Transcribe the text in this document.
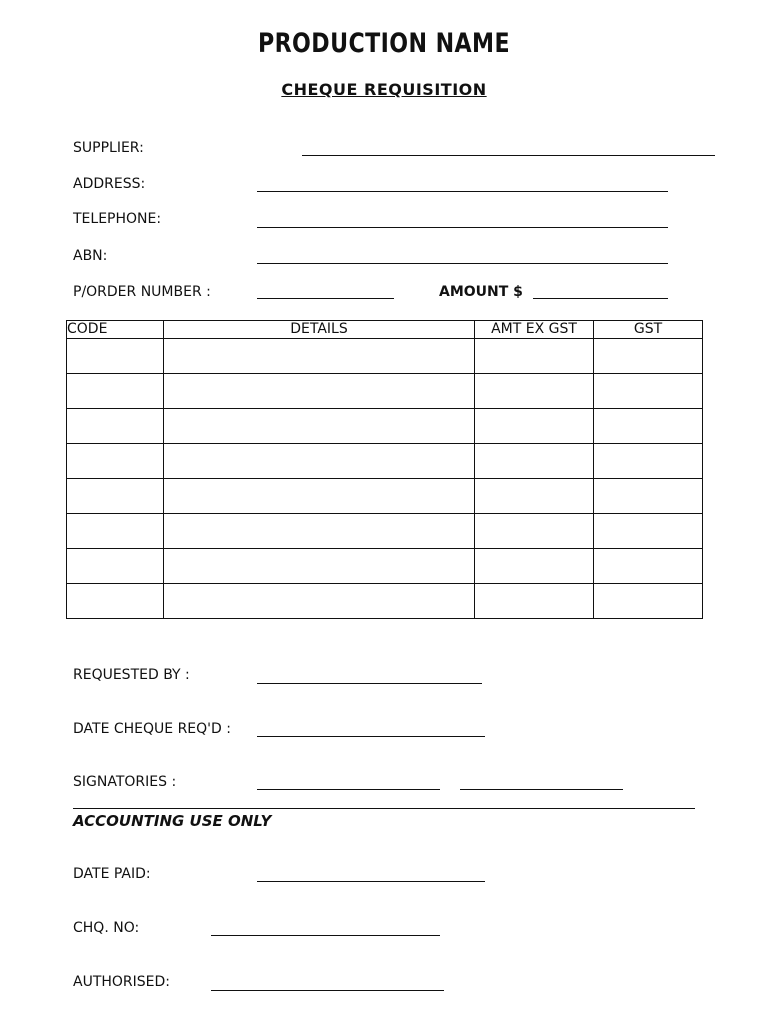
PRODUCTION NAME
CHEQUE REQUISITION
SUPPLIER:
ADDRESS:
TELEPHONE:
ABN:
P/ORDER NUMBER :	AMOUNT $
CODE	DETAILS	AMT EX GST	GST

REQUESTED BY :
DATE CHEQUE REQ'D :
SIGNATORIES :
ACCOUNTING USE ONLY
DATE PAID:
CHQ. NO:
AUTHORISED:
